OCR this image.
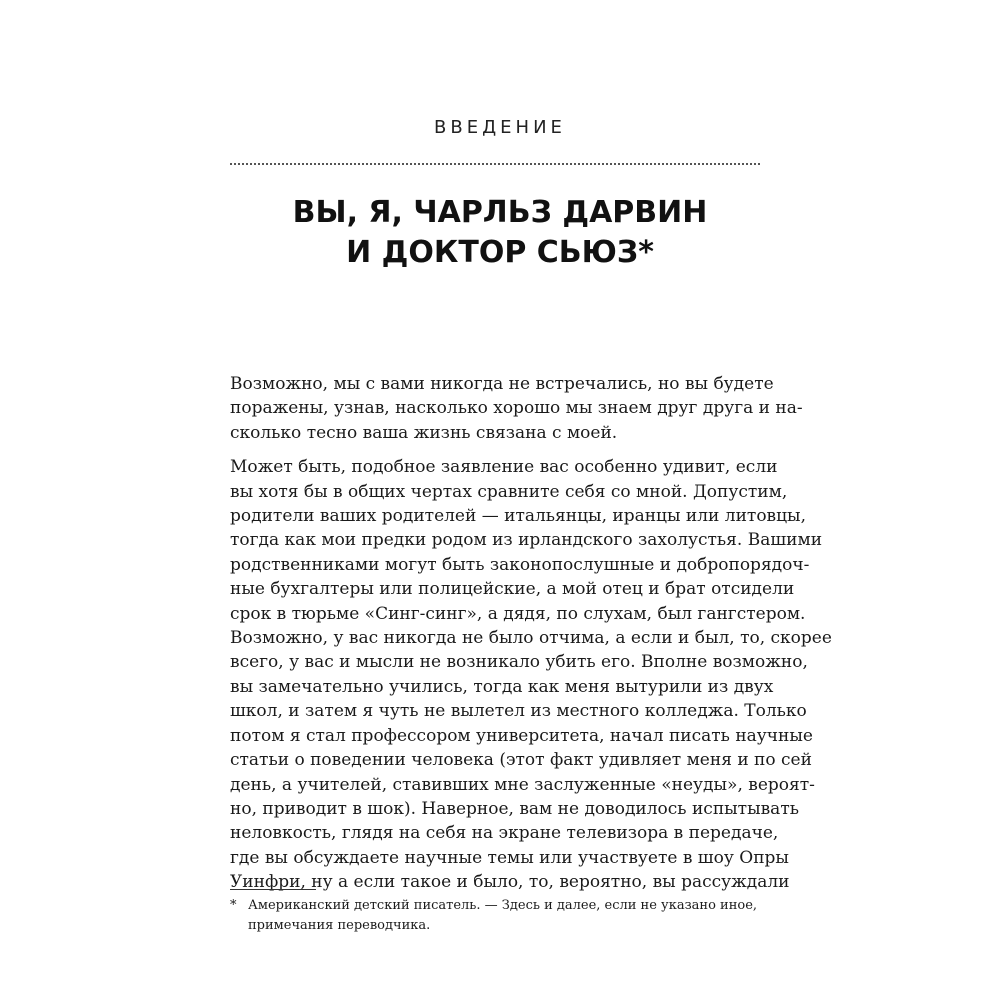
ВВЕДЕНИЕ
ВЫ, Я, ЧАРЛЬЗ ДАРВИН
И ДОКТОР СЬЮЗ*
Возможно, мы с вами никогда не встречались, но вы будете
поражены, узнав, насколько хорошо мы знаем друг друга и на-
сколько тесно ваша жизнь связана с моей.
Может быть, подобное заявление вас особенно удивит, если
вы хотя бы в общих чертах сравните себя со мной. Допустим,
родители ваших родителей — итальянцы, иранцы или литовцы,
тогда как мои предки родом из ирландского захолустья. Вашими
родственниками могут быть законопослушные и добропорядоч-
ные бухгалтеры или полицейские, а мой отец и брат отсидели
срок в тюрьме «Синг-синг», а дядя, по слухам, был гангстером.
Возможно, у вас никогда не было отчима, а если и был, то, скорее
всего, у вас и мысли не возникало убить его. Вполне возможно,
вы замечательно учились, тогда как меня вытурили из двух
школ, и затем я чуть не вылетел из местного колледжа. Только
потом я стал профессором университета, начал писать научные
статьи о поведении человека (этот факт удивляет меня и по сей
день, а учителей, ставивших мне заслуженные «неуды», вероят-
но, приводит в шок). Наверное, вам не доводилось испытывать
неловкость, глядя на себя на экране телевизора в передаче,
где вы обсуждаете научные темы или участвуете в шоу Опры
Уинфри, ну а если такое и было, то, вероятно, вы рассуждали
* Американский детский писатель. — Здесь и далее, если не указано иное,
примечания переводчика.
